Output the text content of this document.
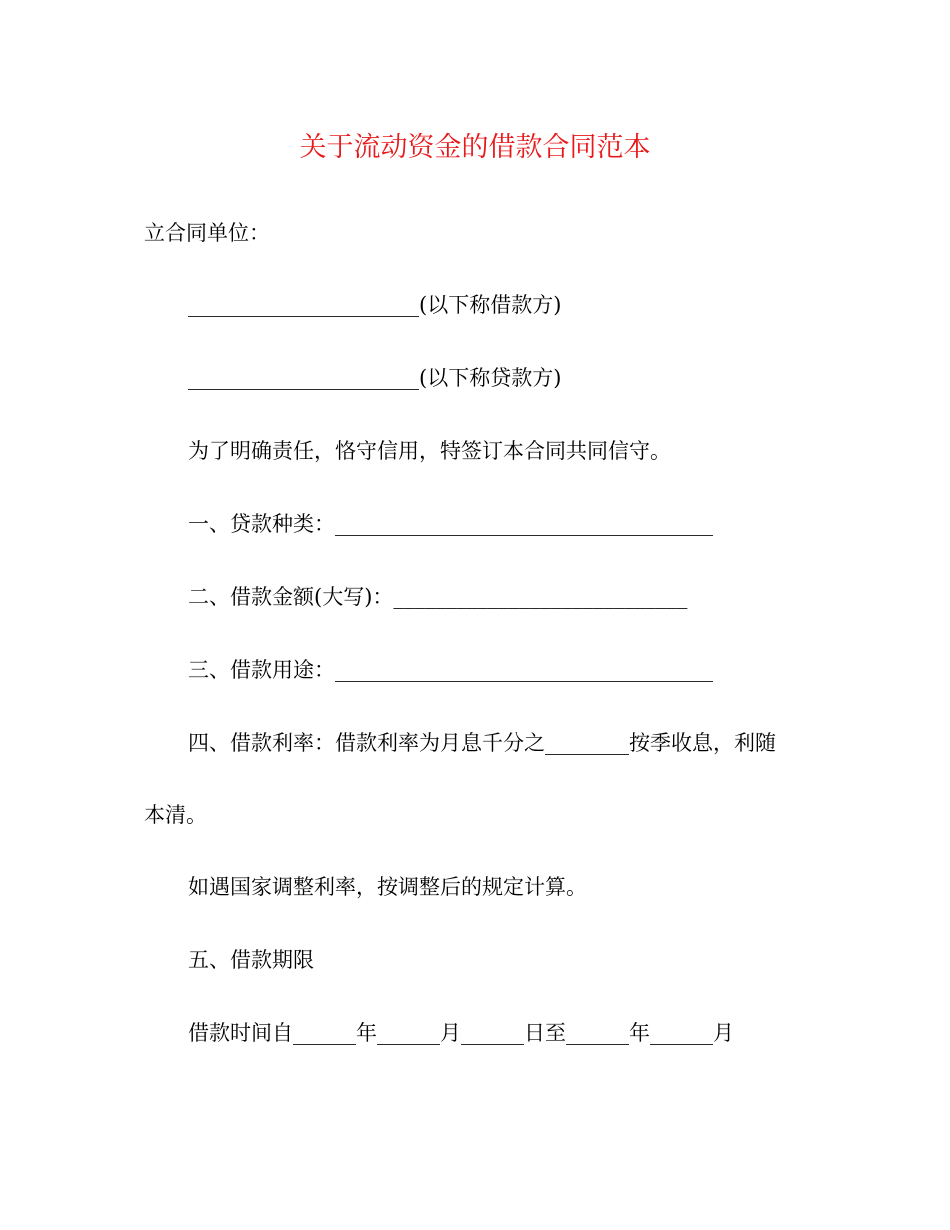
关于流动资金的借款合同范本
立合同单位：
______________________(以下称借款方)
______________________(以下称贷款方)
为了明确责任，恪守信用，特签订本合同共同信守。
一、贷款种类：____________________________________
二、借款金额(大写)：____________________________
三、借款用途：____________________________________
四、借款利率：借款利率为月息千分之________按季收息，利随
本清。
如遇国家调整利率，按调整后的规定计算。
五、借款期限
借款时间自______年______月______日至______年______月
